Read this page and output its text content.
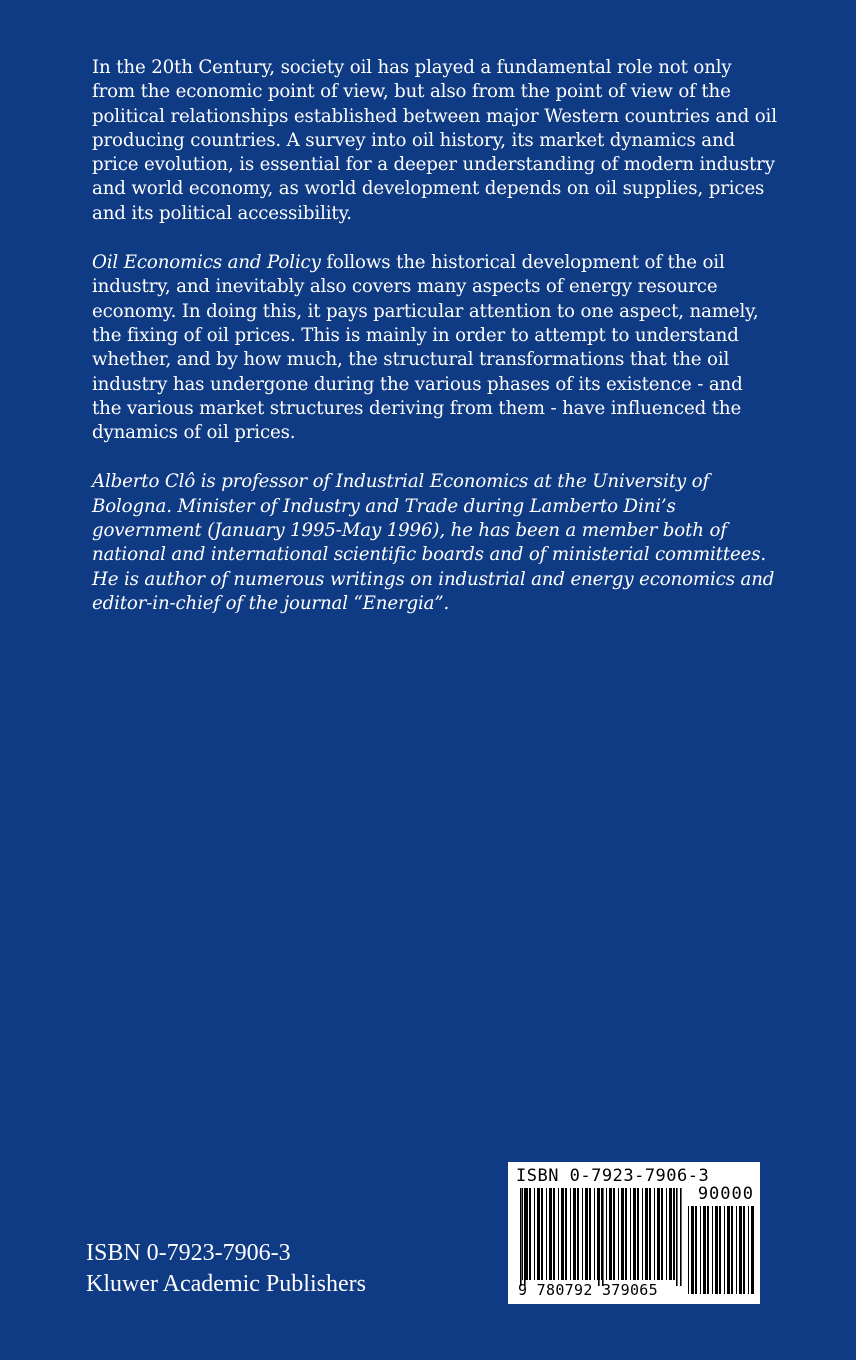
In the 20th Century, society oil has played a fundamental role not only from the economic point of view, but also from the point of view of the political relationships established between major Western countries and oil producing countries. A survey into oil history, its market dynamics and price evolution, is essential for a deeper understanding of modern industry and world economy, as world development depends on oil supplies, prices and its political accessibility.

Oil Economics and Policy follows the historical development of the oil industry, and inevitably also covers many aspects of energy resource economy. In doing this, it pays particular attention to one aspect, namely, the fixing of oil prices. This is mainly in order to attempt to understand whether, and by how much, the structural transformations that the oil industry has undergone during the various phases of its existence - and the various market structures deriving from them - have influenced the dynamics of oil prices.

Alberto Clô is professor of Industrial Economics at the University of Bologna. Minister of Industry and Trade during Lamberto Dini’s government (January 1995-May 1996), he has been a member both of national and international scientific boards and of ministerial committees. He is author of numerous writings on industrial and energy economics and editor-in-chief of the journal “Energia”.

ISBN 0-7923-7906-3
Kluwer Academic Publishers
ISBN 0-7923-7906-3
90000
9 780792 379065
